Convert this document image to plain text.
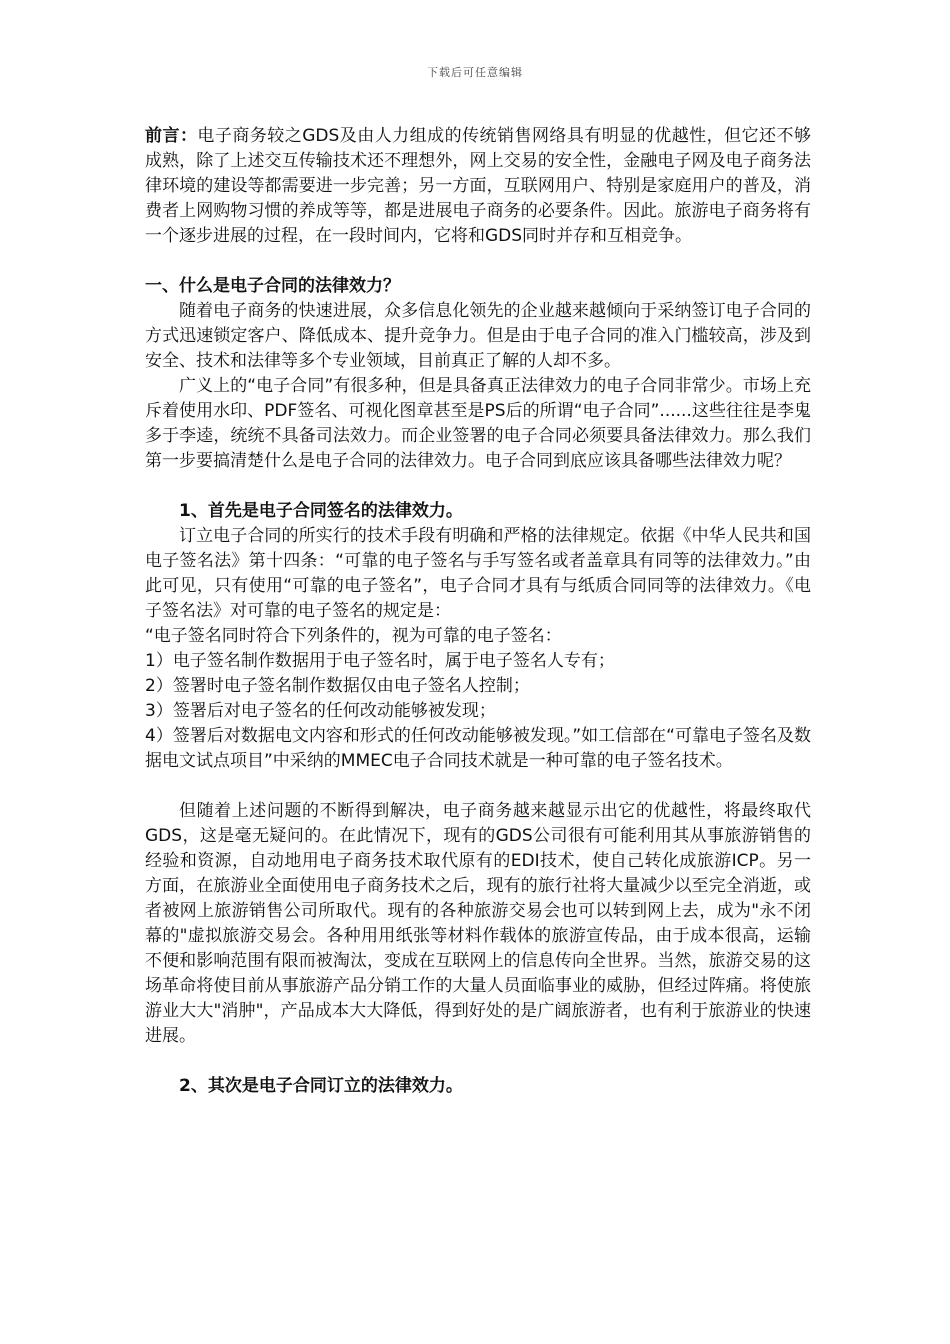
下载后可任意编辑

前言：电子商务较之GDS及由人力组成的传统销售网络具有明显的优越性，但它还不够成熟，除了上述交互传输技术还不理想外，网上交易的安全性，金融电子网及电子商务法律环境的建设等都需要进一步完善；另一方面，互联网用户、特别是家庭用户的普及，消费者上网购物习惯的养成等等，都是进展电子商务的必要条件。因此。旅游电子商务将有一个逐步进展的过程，在一段时间内，它将和GDS同时并存和互相竞争。

一、什么是电子合同的法律效力？

随着电子商务的快速进展，众多信息化领先的企业越来越倾向于采纳签订电子合同的方式迅速锁定客户、降低成本、提升竞争力。但是由于电子合同的准入门槛较高，涉及到安全、技术和法律等多个专业领域，目前真正了解的人却不多。

广义上的“电子合同”有很多种，但是具备真正法律效力的电子合同非常少。市场上充斥着使用水印、PDF签名、可视化图章甚至是PS后的所谓“电子合同”......这些往往是李鬼多于李逵，统统不具备司法效力。而企业签署的电子合同必须要具备法律效力。那么我们第一步要搞清楚什么是电子合同的法律效力。电子合同到底应该具备哪些法律效力呢？

1、首先是电子合同签名的法律效力。

订立电子合同的所实行的技术手段有明确和严格的法律规定。依据《中华人民共和国电子签名法》第十四条：“可靠的电子签名与手写签名或者盖章具有同等的法律效力。”由此可见，只有使用“可靠的电子签名”，电子合同才具有与纸质合同同等的法律效力。《电子签名法》对可靠的电子签名的规定是：

“电子签名同时符合下列条件的，视为可靠的电子签名：

1）电子签名制作数据用于电子签名时，属于电子签名人专有；

2）签署时电子签名制作数据仅由电子签名人控制；

3）签署后对电子签名的任何改动能够被发现；

4）签署后对数据电文内容和形式的任何改动能够被发现。”如工信部在“可靠电子签名及数据电文试点项目”中采纳的MMEC电子合同技术就是一种可靠的电子签名技术。

但随着上述问题的不断得到解决，电子商务越来越显示出它的优越性，将最终取代GDS，这是毫无疑问的。在此情况下，现有的GDS公司很有可能利用其从事旅游销售的经验和资源，自动地用电子商务技术取代原有的EDI技术，使自己转化成旅游ICP。另一方面，在旅游业全面使用电子商务技术之后，现有的旅行社将大量减少以至完全消逝，或者被网上旅游销售公司所取代。现有的各种旅游交易会也可以转到网上去，成为"永不闭幕的"虚拟旅游交易会。各种用用纸张等材料作载体的旅游宣传品，由于成本很高，运输不便和影响范围有限而被淘汰，变成在互联网上的信息传向全世界。当然，旅游交易的这场革命将使目前从事旅游产品分销工作的大量人员面临事业的威胁，但经过阵痛。将使旅游业大大"消肿"，产品成本大大降低，得到好处的是广阔旅游者，也有利于旅游业的快速进展。

2、其次是电子合同订立的法律效力。
